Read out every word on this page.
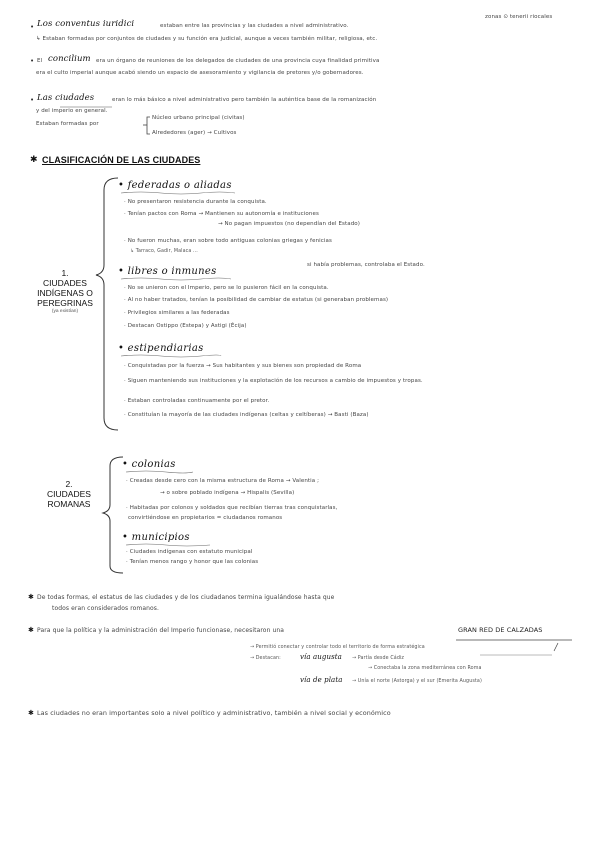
zonas ⊙ tenerii riocales
• Los conventus iuridici	estaban entre las provincias y las ciudades a nivel administrativo.
↳ Estaban formadas por conjuntos de ciudades y su función era judicial, aunque a veces también militar, religiosa, etc.
• El concilium era un órgano de reuniones de los delegados de ciudades de una provincia cuya finalidad primitiva
era el culto imperial aunque acabó siendo un espacio de asesoramiento y vigilancia de pretores y/o gobernadores.
• Las ciudades	eran lo más básico a nivel administrativo pero también la auténtica base de la romanización
y del imperio en general.
Estaban formadas por
Núcleo urbano principal (civitas)
Alrededores (ager) → Cultivos
✱ CLASIFICACIÓN DE LAS CIUDADES
1.
CIUDADES
INDÍGENAS O
PEREGRINAS
(ya existían)
• federadas o aliadas
· No presentaron resistencia durante la conquista.
· Tenían pactos con Roma → Mantienen su autonomía e instituciones
→ No pagan impuestos (no dependían del Estado)
· No fueron muchas, eran sobre todo antiguas colonias griegas y fenicias
↳ Tarraco, Gadir, Malaca ...
si había problemas, controlaba el Estado.
• libres o inmunes
· No se unieron con el Imperio, pero se lo pusieron fácil en la conquista.
· Al no haber tratados, tenían la posibilidad de cambiar de estatus (si generaban problemas)
· Privilegios similares a las federadas
· Destacan Ostippo (Estepa) y Astigi (Écija)
• estipendiarias
· Conquistadas por la fuerza → Sus habitantes y sus bienes son propiedad de Roma
· Siguen manteniendo sus instituciones y la explotación de los recursos a cambio de impuestos y tropas.
· Estaban controladas continuamente por el pretor.
· Constituían la mayoría de las ciudades indígenas (celtas y celtíberas) → Basti (Baza)
2.
CIUDADES
ROMANAS
• colonias
· Creadas desde cero con la misma estructura de Roma → Valentia ;
→ o sobre poblado indígena → Hispalis (Sevilla)
· Habitadas por colonos y soldados que recibían tierras tras conquistarlas,
convirtiéndose en propietarios = ciudadanos romanos
• municipios
· Ciudades indígenas con estatuto municipal
· Tenían menos rango y honor que las colonias
✱ De todas formas, el estatus de las ciudades y de los ciudadanos termina igualándose hasta que
todos eran considerados romanos.
✱ Para que la política y la administración del Imperio funcionase, necesitaron una	GRAN RED DE CALZADAS
→ Permitió conectar y controlar todo el territorio de forma estratégica
→ Destacan:	vía augusta → Partía desde Cádiz
→ Conectaba la zona mediterránea con Roma
vía de plata → Unía el norte (Astorga) y el sur (Emerita Augusta)
✱ Las ciudades no eran importantes solo a nivel político y administrativo, también a nivel social y económico
